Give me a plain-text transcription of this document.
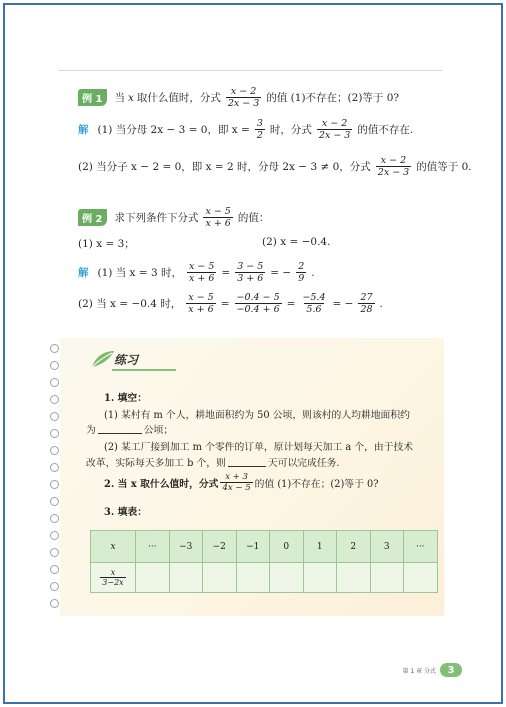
例 1	当 x 取什么值时，分式 $\frac{x - 2}{2x - 3}$ 的值 (1)不存在；(2)等于 0?
解 (1) 当分母 2x − 3 = 0，即 $x = \frac{3}{2}$ 时，分式 $\frac{x - 2}{2x - 3}$ 的值不存在.
(2) 当分子 x − 2 = 0，即 x = 2 时，分母 2x − 3 ≠ 0，分式 $\frac{x - 2}{2x - 3}$ 的值等于 0.
例 2	求下列条件下分式 $\frac{x - 5}{x + 6}$ 的值：
(1) x = 3；	(2) x = −0.4.
解 (1) 当 x = 3 时， $\frac{x - 5}{x + 6} = \frac{3 - 5}{3 + 6}$ = − $\frac{2}{9}$ .
(2) 当 x = −0.4 时， $\frac{x - 5}{x + 6} = \frac{-0.4 - 5}{-0.4 + 6} = \frac{-5.4}{5.6}$ = − $\frac{27}{28}$ .
练习
1. 填空：
(1) 某村有 m 个人，耕地面积约为 50 公顷，则该村的人均耕地面积约
为	公顷；
(2) 某工厂接到加工 m 个零件的订单，原计划每天加工 a 个，由于技术
改革，实际每天多加工 b 个，则	天可以完成任务.
2. 当 x 取什么值时，分式 $\frac{x + 3}{4x - 5}$ 的值 (1)不存在；(2)等于 0?
3. 填表：
x	···	−3	−2	−1	0	1	2	3	···

$\frac{x}{3-2x}$

第 1 章 分式	3
